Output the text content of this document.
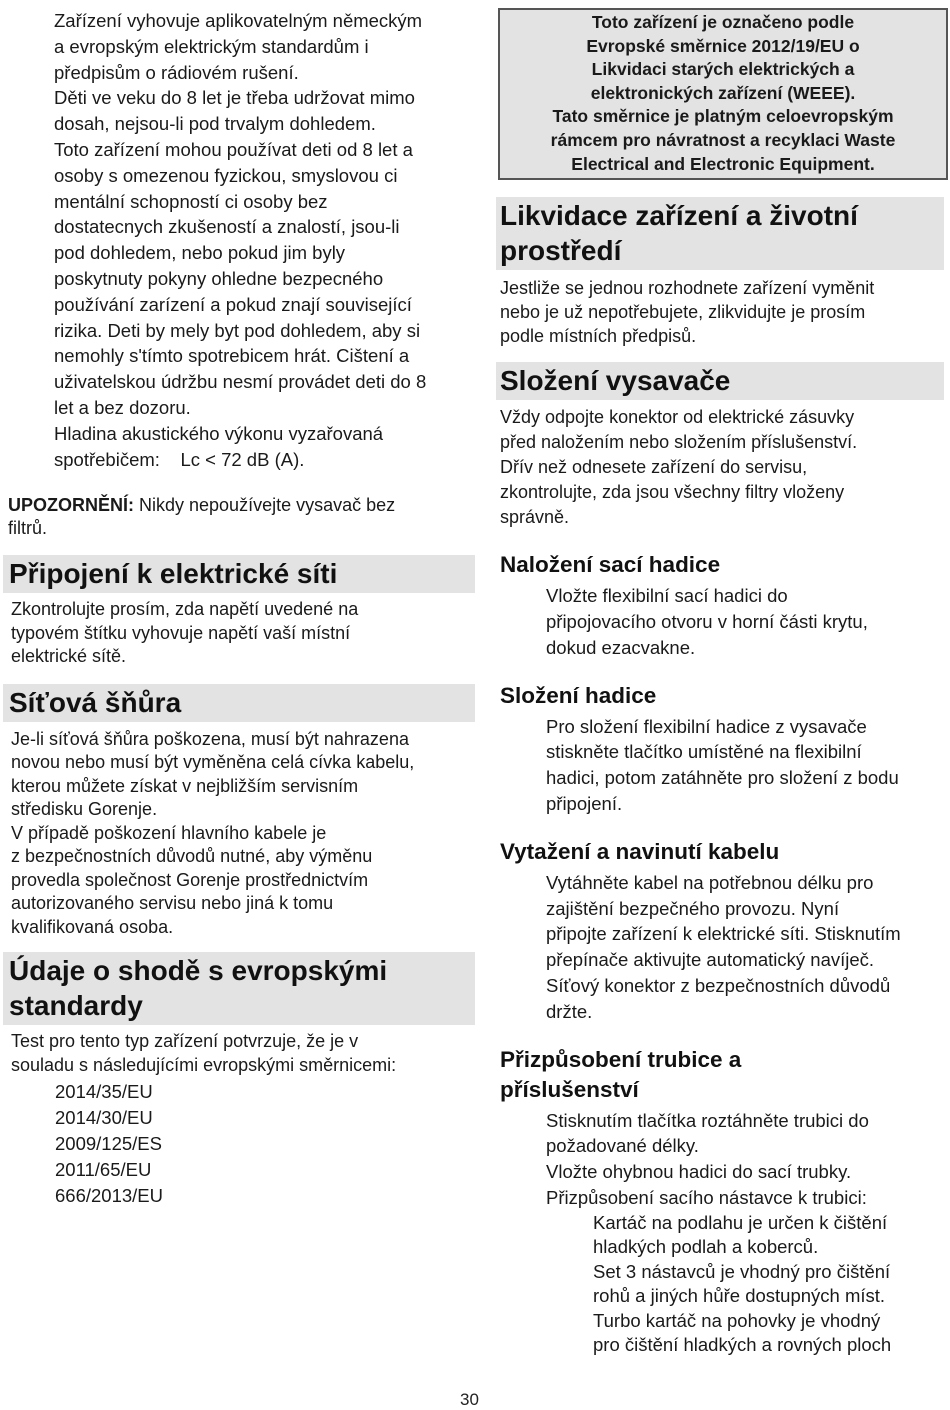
Zařízení vyhovuje aplikovatelným německým

a evropským elektrickým standardům i

předpisům o rádiovém rušení.

Děti ve veku do 8 let je třeba udržovat mimo

dosah, nejsou-li pod trvalym dohledem.

Toto zařízení mohou používat deti od 8 let a

osoby s omezenou fyzickou, smyslovou ci

mentální schopností ci osoby bez

dostatecnych zkušeností a znalostí, jsou-li

pod dohledem, nebo pokud jim byly

poskytnuty pokyny ohledne bezpecného

používání zarízení a pokud znají související

rizika. Deti by mely byt pod dohledem, aby si

nemohly s'tímto spotrebicem hrát. Cištení a

uživatelskou údržbu nesmí provádet deti do 8

let a bez dozoru.

Hladina akustického výkonu vyzařovaná

spotřebičem:    Lc < 72 dB (A).

UPOZORNĚNÍ: Nikdy nepoužívejte vysavač bez
filtrů.
Připojení k elektrické síti

Zkontrolujte prosím, zda napětí uvedené na

typovém štítku vyhovuje napětí vaší místní

elektrické sítě.

Síťová šňůra

Je-li síťová šňůra poškozena, musí být nahrazena

novou nebo musí být vyměněna celá cívka kabelu,

kterou můžete získat v nejbližším servisním

středisku Gorenje.

V případě poškození hlavního kabele je

z bezpečnostních důvodů nutné, aby výměnu

provedla společnost Gorenje prostřednictvím

autorizovaného servisu nebo jiná k tomu

kvalifikovaná osoba.

Údaje o shodě s evropskými
standardy

Test pro tento typ zařízení potvrzuje, že je v

souladu s následujícími evropskými směrnicemi:

2014/35/EU

2014/30/EU

2009/125/ES

2011/65/EU

666/2013/EU

Toto zařízení je označeno podle
Evropské směrnice 2012/19/EU o
Likvidaci starých elektrických a
elektronických zařízení (WEEE).
Tato směrnice je platným celoevropským
rámcem pro návratnost a recyklaci Waste
Electrical and Electronic Equipment.
Likvidace zařízení a životní
prostředí

Jestliže se jednou rozhodnete zařízení vyměnit

nebo je už nepotřebujete, zlikvidujte je prosím

podle místních předpisů.

Složení vysavače

Vždy odpojte konektor od elektrické zásuvky

před naložením nebo složením příslušenství.

Dřív než odnesete zařízení do servisu,

zkontrolujte, zda jsou všechny filtry vloženy

správně.

Naložení sací hadice

Vložte flexibilní sací hadici do

připojovacího otvoru v horní části krytu,

dokud ezacvakne.

Složení hadice

Pro složení flexibilní hadice z vysavače

stiskněte tlačítko umístěné na flexibilní

hadici, potom zatáhněte pro složení z bodu

připojení.

Vytažení a navinutí kabelu

Vytáhněte kabel na potřebnou délku pro

zajištění bezpečného provozu. Nyní

připojte zařízení k elektrické síti. Stisknutím

přepínače aktivujte automatický navíječ.

Síťový konektor z bezpečnostních důvodů

držte.

Přizpůsobení trubice a
příslušenství

Stisknutím tlačítka roztáhněte trubici do

požadované délky.

Vložte ohybnou hadici do sací trubky.

Přizpůsobení sacího nástavce k trubici:

Kartáč na podlahu je určen k čištění

hladkých podlah a koberců.

Set 3 nástavců je vhodný pro čištění

rohů a jiných hůře dostupných míst.

Turbo kartáč na pohovky je vhodný

pro čištění hladkých a rovných ploch

30
